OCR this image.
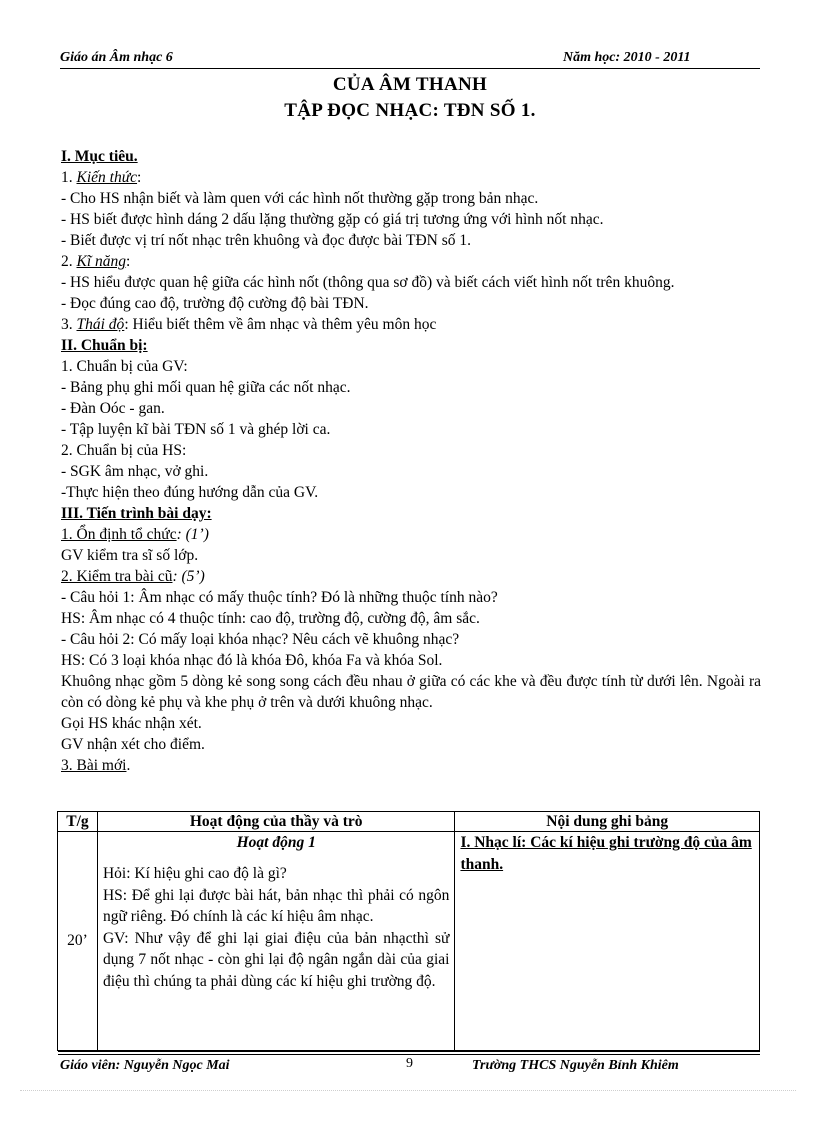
Giáo án Âm nhạc 6	Năm học: 2010 - 2011
CỦA ÂM THANH
TẬP ĐỌC NHẠC: TĐN SỐ 1.
I. Mục tiêu.
1. Kiến thức:
- Cho HS nhận biết và làm quen với các hình nốt thường gặp trong bản nhạc.
- HS biết được hình dáng 2 dấu lặng thường gặp có giá trị tương ứng với hình nốt nhạc.
- Biết được vị trí nốt nhạc trên khuông và đọc được bài TĐN số 1.
2. Kĩ năng:
- HS hiểu được quan hệ giữa các hình nốt (thông qua sơ đồ) và biết cách viết hình nốt trên khuông.
- Đọc đúng cao độ, trường độ cường độ bài TĐN.
3. Thái độ: Hiểu biết thêm về âm nhạc và thêm yêu môn học
II. Chuẩn bị:
1. Chuẩn bị của GV:
- Bảng phụ ghi mối quan hệ giữa các nốt nhạc.
- Đàn Oóc - gan.
- Tập luyện kĩ bài TĐN số 1 và ghép lời ca.
2. Chuẩn bị của HS:
- SGK âm nhạc, vở ghi.
-Thực hiện theo đúng hướng dẫn của GV.
III. Tiến trình bài dạy:
1. Ổn định tổ chức: (1’)
GV kiểm tra sĩ số lớp.
2. Kiểm tra bài cũ: (5’)
- Câu hỏi 1: Âm nhạc có mấy thuộc tính? Đó là những thuộc tính nào?
HS: Âm nhạc có 4 thuộc tính: cao độ, trường độ, cường độ, âm sắc.
- Câu hỏi 2: Có mấy loại khóa nhạc? Nêu cách vẽ khuông nhạc?
HS: Có 3 loại khóa nhạc đó là khóa Đô, khóa Fa và khóa Sol.
Khuông nhạc gồm 5 dòng kẻ song song cách đều nhau ở giữa có các khe và đều được tính từ dưới lên. Ngoài ra còn có dòng kẻ phụ và khe phụ ở trên và dưới khuông nhạc.
Gọi HS khác nhận xét.
GV nhận xét cho điểm.
3. Bài mới.
T/g	Hoạt động của thầy và trò	Nội dung ghi bảng
20’	Hoạt động 1
Hỏi: Kí hiệu ghi cao độ là gì?
HS: Để ghi lại được bài hát, bản nhạc thì phải có ngôn ngữ riêng. Đó chính là các kí hiệu âm nhạc.
GV: Như vậy để ghi lại giai điệu của bản nhạcthì sử dụng 7 nốt nhạc - còn ghi lại độ ngân ngắn dài của giai điệu thì chúng ta phải dùng các kí hiệu ghi trường độ.	I. Nhạc lí: Các kí hiệu ghi trường độ của âm thanh.
Giáo viên: Nguyễn Ngọc Mai	9	Trường THCS Nguyễn Bỉnh Khiêm
